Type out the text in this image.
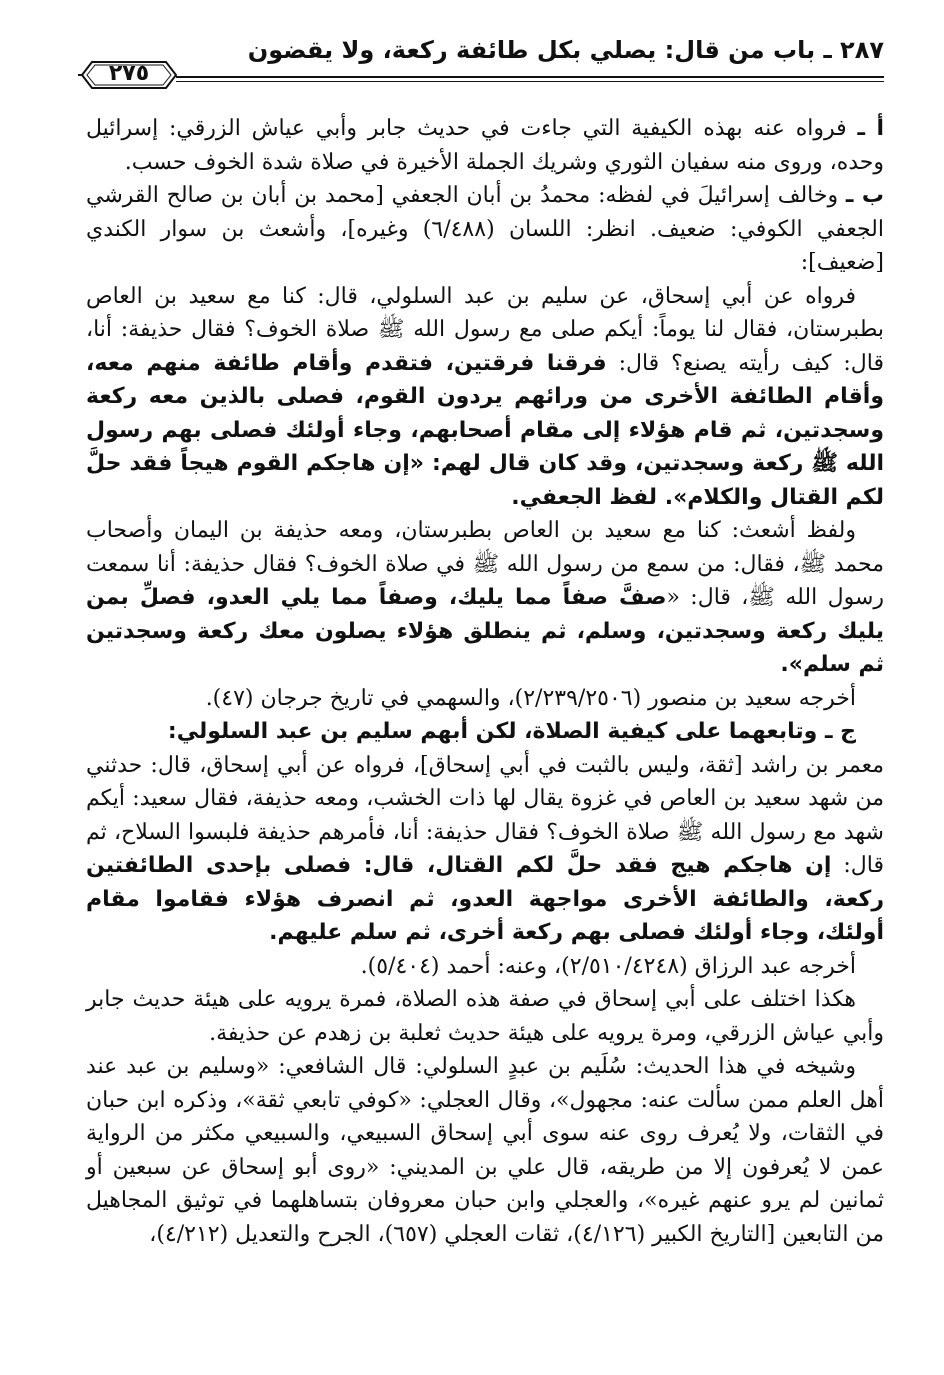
٢٨٧ ـ باب من قال: يصلي بكل طائفة ركعة، ولا يقضون
٢٧٥

أ ـ فرواه عنه بهذه الكيفية التي جاءت في حديث جابر وأبي عياش الزرقي: إسرائيل وحده، وروى منه سفيان الثوري وشريك الجملة الأخيرة في صلاة شدة الخوف حسب.

ب ـ وخالف إسرائيلَ في لفظه: محمدُ بن أبان الجعفي [محمد بن أبان بن صالح القرشي الجعفي الكوفي: ضعيف. انظر: اللسان (٦/٤٨٨) وغيره]، وأشعث بن سوار الكندي [ضعيف]:

فرواه عن أبي إسحاق، عن سليم بن عبد السلولي، قال: كنا مع سعيد بن العاص بطبرستان، فقال لنا يوماً: أيكم صلى مع رسول الله ﷺ صلاة الخوف؟ فقال حذيفة: أنا، قال: كيف رأيته يصنع؟ قال: فرقنا فرقتين، فتقدم وأقام طائفة منهم معه، وأقام الطائفة الأخرى من ورائهم يردون القوم، فصلى بالذين معه ركعة وسجدتين، ثم قام هؤلاء إلى مقام أصحابهم، وجاء أولئك فصلى بهم رسول الله ﷺ ركعة وسجدتين، وقد كان قال لهم: «إن هاجكم القوم هيجاً فقد حلَّ لكم القتال والكلام». لفظ الجعفي.

ولفظ أشعث: كنا مع سعيد بن العاص بطبرستان، ومعه حذيفة بن اليمان وأصحاب محمد ﷺ، فقال: من سمع من رسول الله ﷺ في صلاة الخوف؟ فقال حذيفة: أنا سمعت رسول الله ﷺ، قال: «صفَّ صفاً مما يليك، وصفاً مما يلي العدو، فصلِّ بمن يليك ركعة وسجدتين، وسلم، ثم ينطلق هؤلاء يصلون معك ركعة وسجدتين ثم سلم».

أخرجه سعيد بن منصور (٢/٢٣٩/٢٥٠٦)، والسهمي في تاريخ جرجان (٤٧).

ج ـ وتابعهما على كيفية الصلاة، لكن أبهم سليم بن عبد السلولي:

معمر بن راشد [ثقة، وليس بالثبت في أبي إسحاق]، فرواه عن أبي إسحاق، قال: حدثني من شهد سعيد بن العاص في غزوة يقال لها ذات الخشب، ومعه حذيفة، فقال سعيد: أيكم شهد مع رسول الله ﷺ صلاة الخوف؟ فقال حذيفة: أنا، فأمرهم حذيفة فلبسوا السلاح، ثم قال: إن هاجكم هيج فقد حلَّ لكم القتال، قال: فصلى بإحدى الطائفتين ركعة، والطائفة الأخرى مواجهة العدو، ثم انصرف هؤلاء فقاموا مقام أولئك، وجاء أولئك فصلى بهم ركعة أخرى، ثم سلم عليهم.

أخرجه عبد الرزاق (٢/٥١٠/٤٢٤٨)، وعنه: أحمد (٥/٤٠٤).

هكذا اختلف على أبي إسحاق في صفة هذه الصلاة، فمرة يرويه على هيئة حديث جابر وأبي عياش الزرقي، ومرة يرويه على هيئة حديث ثعلبة بن زهدم عن حذيفة.

وشيخه في هذا الحديث: سُلَيم بن عبدٍ السلولي: قال الشافعي: «وسليم بن عبد عند أهل العلم ممن سألت عنه: مجهول»، وقال العجلي: «كوفي تابعي ثقة»، وذكره ابن حبان في الثقات، ولا يُعرف روى عنه سوى أبي إسحاق السبيعي، والسبيعي مكثر من الرواية عمن لا يُعرفون إلا من طريقه، قال علي بن المديني: «روى أبو إسحاق عن سبعين أو ثمانين لم يرو عنهم غيره»، والعجلي وابن حبان معروفان بتساهلهما في توثيق المجاهيل من التابعين [التاريخ الكبير (٤/١٢٦)، ثقات العجلي (٦٥٧)، الجرح والتعديل (٤/٢١٢)،
